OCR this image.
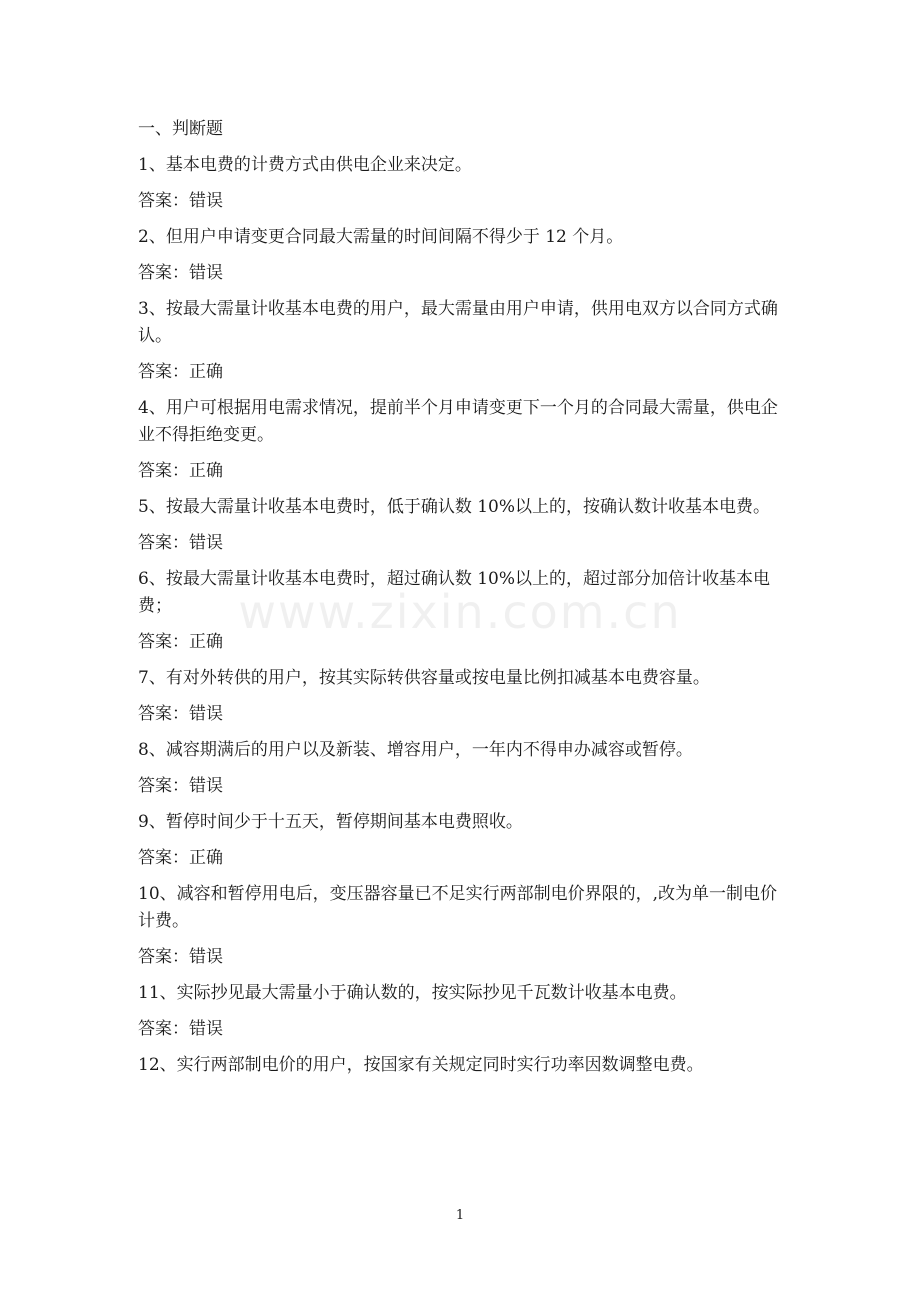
www.zixin.com.cn
一、判断题
1、基本电费的计费方式由供电企业来决定。
答案：错误
2、但用户申请变更合同最大需量的时间间隔不得少于 12 个月。
答案：错误
3、按最大需量计收基本电费的用户，最大需量由用户申请，供用电双方以合同方式确认。
答案：正确
4、用户可根据用电需求情况，提前半个月申请变更下一个月的合同最大需量，供电企业不得拒绝变更。
答案：正确
5、按最大需量计收基本电费时，低于确认数 10%以上的，按确认数计收基本电费。
答案：错误
6、按最大需量计收基本电费时，超过确认数 10%以上的，超过部分加倍计收基本电费；
答案：正确
7、有对外转供的用户，按其实际转供容量或按电量比例扣减基本电费容量。
答案：错误
8、减容期满后的用户以及新装、增容用户，一年内不得申办减容或暂停。
答案：错误
9、暂停时间少于十五天，暂停期间基本电费照收。
答案：正确
10、减容和暂停用电后，变压器容量已不足实行两部制电价界限的，,改为单一制电价计费。
答案：错误
11、实际抄见最大需量小于确认数的，按实际抄见千瓦数计收基本电费。
答案：错误
12、实行两部制电价的用户，按国家有关规定同时实行功率因数调整电费。
1
